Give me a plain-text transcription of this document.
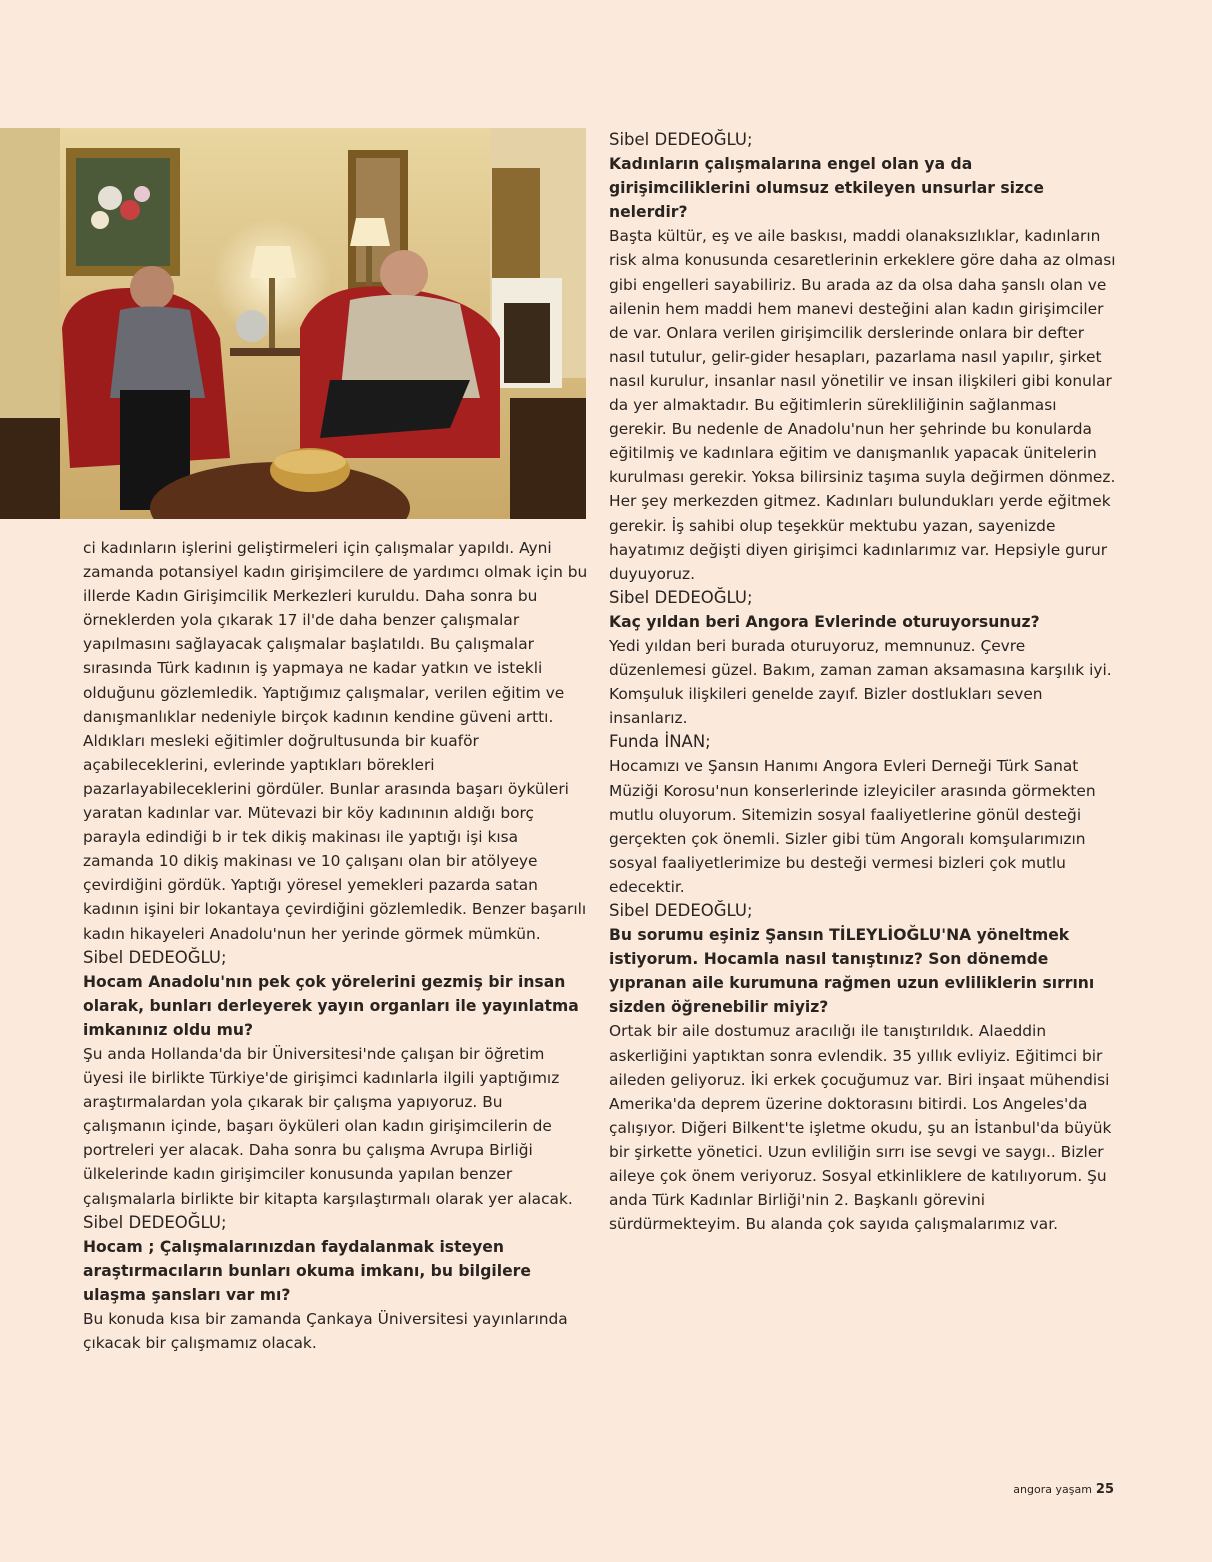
ci kadınların işlerini geliştirmeleri için çalışmalar yapıldı. Ayni zamanda potansiyel kadın girişimcilere de yardımcı olmak için bu illerde Kadın Girişimcilik Merkezleri kuruldu. Daha sonra bu örneklerden yola çıkarak 17 il'de daha benzer çalışmalar yapılmasını sağlayacak çalışmalar başlatıldı. Bu çalışmalar sırasında Türk kadının iş yapmaya ne kadar yatkın ve istekli olduğunu gözlemledik. Yaptığımız çalışmalar, verilen eğitim ve danışmanlıklar nedeniyle birçok kadının kendine güveni arttı. Aldıkları mesleki eğitimler doğrultusunda bir kuaför açabileceklerini, evlerinde yaptıkları börekleri pazarlayabileceklerini gördüler. Bunlar arasında başarı öyküleri yaratan kadınlar var. Mütevazi bir köy kadınının aldığı borç parayla edindiği b ir tek dikiş makinası ile yaptığı işi kısa zamanda 10 dikiş makinası ve 10 çalışanı olan bir atölyeye çevirdiğini gördük. Yaptığı yöresel yemekleri pazarda satan kadının işini bir lokantaya çevirdiğini gözlemledik. Benzer başarılı kadın hikayeleri Anadolu'nun her yerinde görmek mümkün.

Sibel DEDEOĞLU;

Hocam Anadolu'nın pek çok yörelerini gezmiş bir insan olarak, bunları derleyerek yayın organları ile yayınlatma imkanınız oldu mu?

Şu anda Hollanda'da bir Üniversitesi'nde çalışan bir öğretim üyesi ile birlikte Türkiye'de girişimci kadınlarla ilgili yaptığımız araştırmalardan yola çıkarak bir çalışma yapıyoruz. Bu çalışmanın içinde, başarı öyküleri olan kadın girişimcilerin de portreleri yer alacak. Daha sonra bu çalışma Avrupa Birliği ülkelerinde kadın girişimciler konusunda yapılan benzer çalışmalarla birlikte bir kitapta karşılaştırmalı olarak yer alacak.

Sibel DEDEOĞLU;

Hocam ; Çalışmalarınızdan faydalanmak isteyen araştırmacıların bunları okuma imkanı, bu bilgilere ulaşma şansları var mı?

Bu konuda kısa bir zamanda Çankaya Üniversitesi yayınlarında çıkacak bir çalışmamız olacak.

Sibel DEDEOĞLU;

Kadınların çalışmalarına engel olan ya da girişimciliklerini olumsuz etkileyen unsurlar sizce nelerdir?

Başta kültür, eş ve aile baskısı, maddi olanaksızlıklar, kadınların risk alma konusunda cesaretlerinin erkeklere göre daha az olması gibi engelleri sayabiliriz. Bu arada az da olsa daha şanslı olan ve ailenin hem maddi hem manevi desteğini alan kadın girişimciler de var. Onlara verilen girişimcilik derslerinde onlara bir defter nasıl tutulur, gelir-gider hesapları, pazarlama nasıl yapılır, şirket nasıl kurulur, insanlar nasıl yönetilir ve insan ilişkileri gibi konular da yer almaktadır. Bu eğitimlerin sürekliliğinin sağlanması gerekir. Bu nedenle de Anadolu'nun her şehrinde bu konularda eğitilmiş ve kadınlara eğitim ve danışmanlık yapacak ünitelerin kurulması gerekir. Yoksa bilirsiniz taşıma suyla değirmen dönmez. Her şey merkezden gitmez. Kadınları bulundukları yerde eğitmek gerekir. İş sahibi olup teşekkür mektubu yazan, sayenizde hayatımız değişti diyen girişimci kadınlarımız var. Hepsiyle gurur duyuyoruz.

Sibel DEDEOĞLU;

Kaç yıldan beri Angora Evlerinde oturuyorsunuz?

Yedi yıldan beri burada oturuyoruz, memnunuz. Çevre düzenlemesi güzel. Bakım, zaman zaman aksamasına karşılık iyi. Komşuluk ilişkileri genelde zayıf. Bizler dostlukları seven insanlarız.

Funda İNAN;

Hocamızı ve Şansın Hanımı Angora Evleri Derneği Türk Sanat Müziği Korosu'nun konserlerinde izleyiciler arasında görmekten mutlu oluyorum. Sitemizin sosyal faaliyetlerine gönül desteği gerçekten çok önemli. Sizler gibi tüm Angoralı komşularımızın sosyal faaliyetlerimize bu desteği vermesi bizleri çok mutlu edecektir.

Sibel DEDEOĞLU;

Bu sorumu eşiniz Şansın TİLEYLİOĞLU'NA yöneltmek istiyorum. Hocamla nasıl tanıştınız? Son dönemde yıpranan aile kurumuna rağmen uzun evliliklerin sırrını sizden öğrenebilir miyiz?

Ortak bir aile dostumuz aracılığı ile tanıştırıldık. Alaeddin askerliğini yaptıktan sonra evlendik. 35 yıllık evliyiz. Eğitimci bir aileden geliyoruz. İki erkek çocuğumuz var. Biri inşaat mühendisi Amerika'da deprem üzerine doktorasını bitirdi. Los Angeles'da çalışıyor. Diğeri Bilkent'te işletme okudu, şu an İstanbul'da büyük bir şirkette yönetici. Uzun evliliğin sırrı ise sevgi ve saygı.. Bizler aileye çok önem veriyoruz. Sosyal etkinliklere de katılıyorum. Şu anda Türk Kadınlar Birliği'nin 2. Başkanlı görevini sürdürmekteyim. Bu alanda çok sayıda çalışmalarımız var.

angora yaşam 25
